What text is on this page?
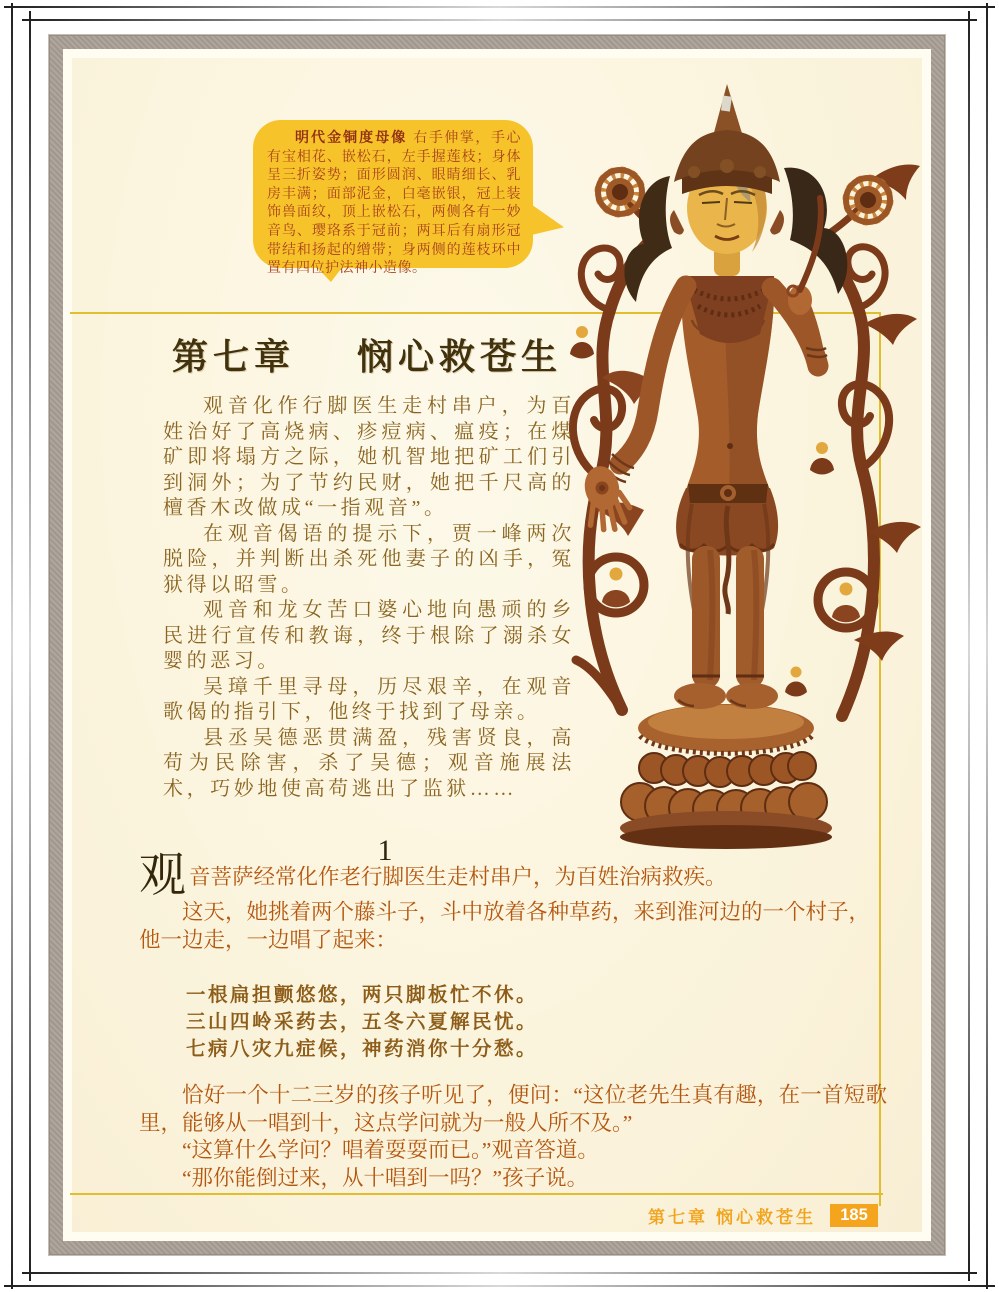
明代金铜度母像 右手伸掌，手心有宝相花、嵌松石，左手握莲枝；身体呈三折姿势；面形圆润、眼睛细长、乳房丰满；面部泥金，白毫嵌银，冠上装饰兽面纹，顶上嵌松石，两侧各有一妙音鸟、璎珞系于冠前；两耳后有扇形冠带结和扬起的缯带；身两侧的莲枝环中置有四位护法神小造像。

第七章 悯心救苍生

观音化作行脚医生走村串户，为百姓治好了高烧病、疹痘病、瘟疫；在煤矿即将塌方之际，她机智地把矿工们引到洞外；为了节约民财，她把千尺高的檀香木改做成“一指观音”。

在观音偈语的提示下，贾一峰两次脱险，并判断出杀死他妻子的凶手，冤狱得以昭雪。

观音和龙女苦口婆心地向愚顽的乡民进行宣传和教诲，终于根除了溺杀女婴的恶习。

吴璋千里寻母，历尽艰辛，在观音歌偈的指引下，他终于找到了母亲。

县丞吴德恶贯满盈，残害贤良，高苟为民除害，杀了吴德；观音施展法术，巧妙地使高苟逃出了监狱……

1

观音菩萨经常化作老行脚医生走村串户，为百姓治病救疾。

这天，她挑着两个藤斗子，斗中放着各种草药，来到淮河边的一个村子，他一边走，一边唱了起来：

一根扁担颤悠悠，两只脚板忙不休。
三山四岭采药去，五冬六夏解民忧。
七病八灾九症候，神药消你十分愁。

恰好一个十二三岁的孩子听见了，便问：“这位老先生真有趣，在一首短歌里，能够从一唱到十，这点学问就为一般人所不及。”

“这算什么学问？唱着耍耍而已。”观音答道。

“那你能倒过来，从十唱到一吗？”孩子说。

第七章 悯心救苍生	185
